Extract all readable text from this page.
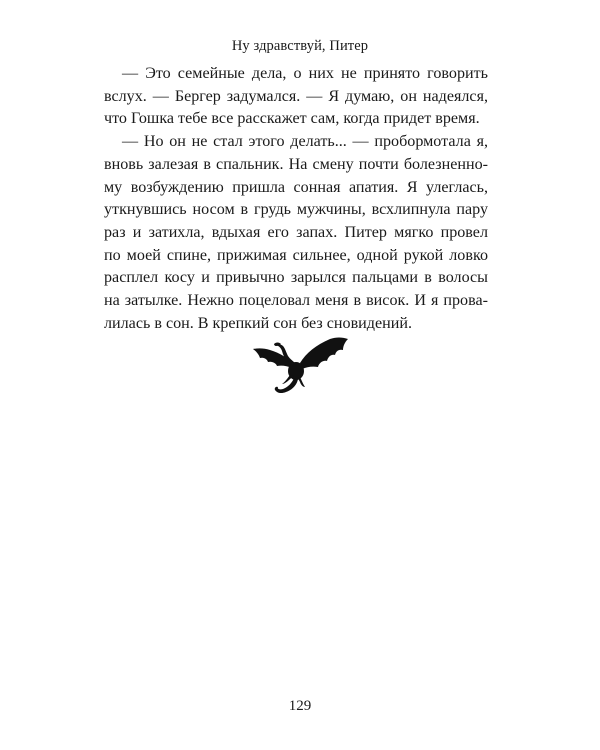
Ну здравствуй, Питер
— Это семейные дела, о них не принято говорить
вслух. — Бергер задумался. — Я думаю, он надеялся,
что Гошка тебе все расскажет сам, когда придет время.
— Но он не стал этого делать... — пробормотала я,
вновь залезая в спальник. На смену почти болезненно-
му возбуждению пришла сонная апатия. Я улеглась,
уткнувшись носом в грудь мужчины, всхлипнула пару
раз и затихла, вдыхая его запах. Питер мягко провел
по моей спине, прижимая сильнее, одной рукой ловко
расплел косу и привычно зарылся пальцами в волосы
на затылке. Нежно поцеловал меня в висок. И я прова-
лилась в сон. В крепкий сон без сновидений.
129
